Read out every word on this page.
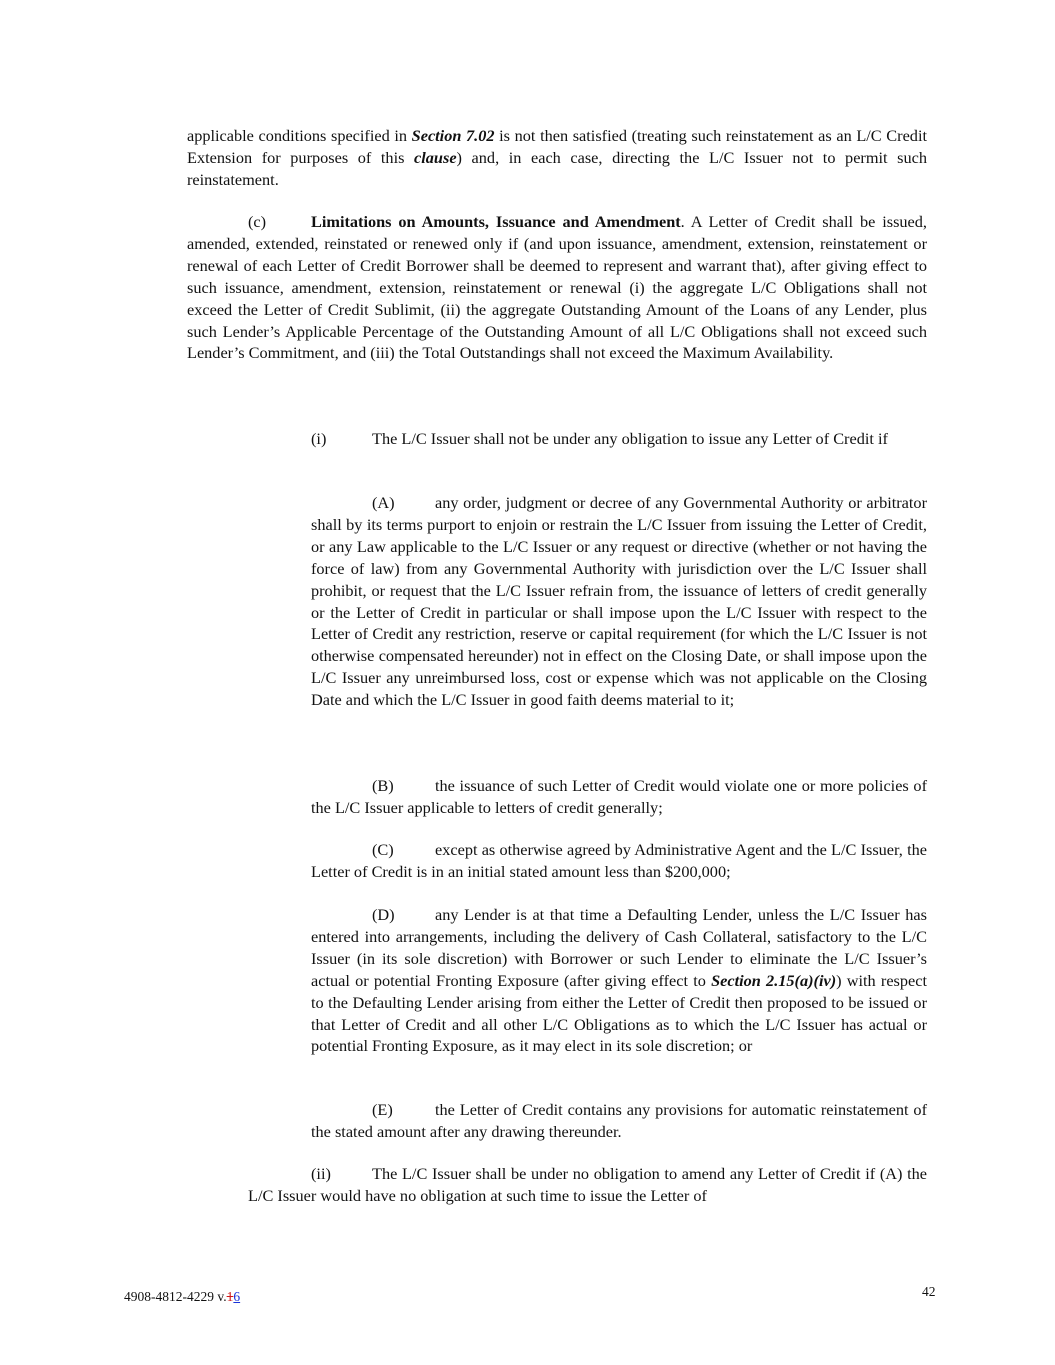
applicable conditions specified in Section 7.02 is not then satisfied (treating such reinstatement as an L/C Credit Extension for purposes of this clause) and, in each case, directing the L/C Issuer not to permit such reinstatement.

(c)	Limitations on Amounts, Issuance and Amendment. A Letter of Credit shall be issued, amended, extended, reinstated or renewed only if (and upon issuance, amendment, extension, reinstatement or renewal of each Letter of Credit Borrower shall be deemed to represent and warrant that), after giving effect to such issuance, amendment, extension, reinstatement or renewal (i) the aggregate L/C Obligations shall not exceed the Letter of Credit Sublimit, (ii) the aggregate Outstanding Amount of the Loans of any Lender, plus such Lender’s Applicable Percentage of the Outstanding Amount of all L/C Obligations shall not exceed such Lender’s Commitment, and (iii) the Total Outstandings shall not exceed the Maximum Availability.

(i)	The L/C Issuer shall not be under any obligation to issue any Letter of Credit if

(A) any order, judgment or decree of any Governmental Authority or arbitrator shall by its terms purport to enjoin or restrain the L/C Issuer from issuing the Letter of Credit, or any Law applicable to the L/C Issuer or any request or directive (whether or not having the force of law) from any Governmental Authority with jurisdiction over the L/C Issuer shall prohibit, or request that the L/C Issuer refrain from, the issuance of letters of credit generally or the Letter of Credit in particular or shall impose upon the L/C Issuer with respect to the Letter of Credit any restriction, reserve or capital requirement (for which the L/C Issuer is not otherwise compensated hereunder) not in effect on the Closing Date, or shall impose upon the L/C Issuer any unreimbursed loss, cost or expense which was not applicable on the Closing Date and which the L/C Issuer in good faith deems material to it;

(B)	the issuance of such Letter of Credit would violate one or more policies of the L/C Issuer applicable to letters of credit generally;

(C)	except as otherwise agreed by Administrative Agent and the L/C Issuer, the Letter of Credit is in an initial stated amount less than $200,000;

(D) any Lender is at that time a Defaulting Lender, unless the L/C Issuer has entered into arrangements, including the delivery of Cash Collateral, satisfactory to the L/C Issuer (in its sole discretion) with Borrower or such Lender to eliminate the L/C Issuer’s actual or potential Fronting Exposure (after giving effect to Section 2.15(a)(iv)) with respect to the Defaulting Lender arising from either the Letter of Credit then proposed to be issued or that Letter of Credit and all other L/C Obligations as to which the L/C Issuer has actual or potential Fronting Exposure, as it may elect in its sole discretion; or

(E)	the Letter of Credit contains any provisions for automatic reinstatement of the stated amount after any drawing thereunder.

(ii)	The L/C Issuer shall be under no obligation to amend any Letter of Credit if (A) the L/C Issuer would have no obligation at such time to issue the Letter of

4908-4812-4229 v.16	42
